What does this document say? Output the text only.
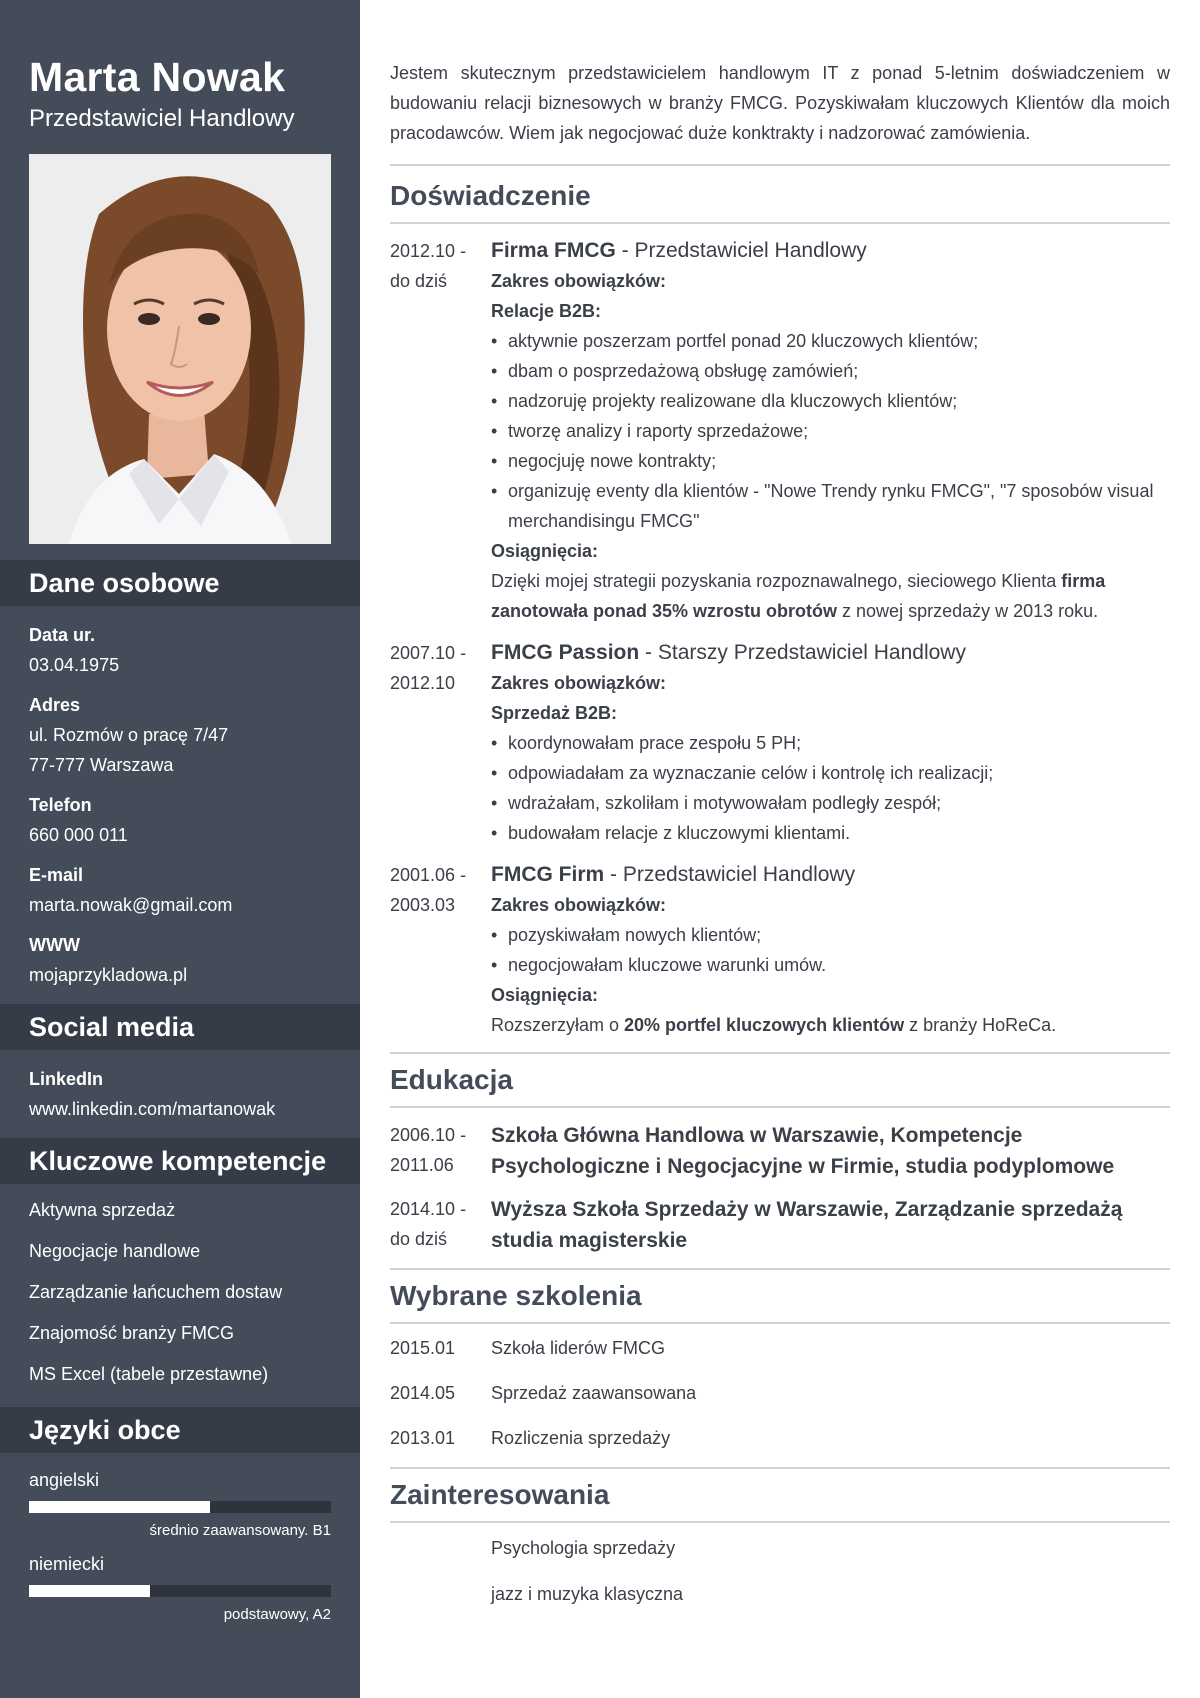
Marta Nowak
Przedstawiciel Handlowy
Dane osobowe
Data ur.
03.04.1975
Adres
ul. Rozmów o pracę 7/47
77-777 Warszawa
Telefon
660 000 011
E-mail
marta.nowak@gmail.com
WWW
mojaprzykladowa.pl
Social media
LinkedIn
www.linkedin.com/martanowak
Kluczowe kompetencje
Aktywna sprzedaż
Negocjacje handlowe
Zarządzanie łańcuchem dostaw
Znajomość branży FMCG
MS Excel (tabele przestawne)
Języki obce
angielski
średnio zaawansowany. B1
niemiecki
podstawowy, A2

Jestem skutecznym przedstawicielem handlowym IT z ponad 5-letnim doświadczeniem w budowaniu relacji biznesowych w branży FMCG. Pozyskiwałam kluczowych Klientów dla moich pracodawców. Wiem jak negocjować duże konktrakty i nadzorować zamówienia.

Doświadczenie
2012.10 -
do dziś
Firma FMCG - Przedstawiciel Handlowy
Zakres obowiązków:
Relacje B2B:
• aktywnie poszerzam portfel ponad 20 kluczowych klientów;
• dbam o posprzedażową obsługę zamówień;
• nadzoruję projekty realizowane dla kluczowych klientów;
• tworzę analizy i raporty sprzedażowe;
• negocjuję nowe kontrakty;
• organizuję eventy dla klientów - "Nowe Trendy rynku FMCG", "7 sposobów visual merchandisingu FMCG"
Osiągnięcia:
Dzięki mojej strategii pozyskania rozpoznawalnego, sieciowego Klienta firma zanotowała ponad 35% wzrostu obrotów z nowej sprzedaży w 2013 roku.
2007.10 -
2012.10
FMCG Passion - Starszy Przedstawiciel Handlowy
Zakres obowiązków:
Sprzedaż B2B:
• koordynowałam prace zespołu 5 PH;
• odpowiadałam za wyznaczanie celów i kontrolę ich realizacji;
• wdrażałam, szkoliłam i motywowałam podległy zespół;
• budowałam relacje z kluczowymi klientami.
2001.06 -
2003.03
FMCG Firm - Przedstawiciel Handlowy
Zakres obowiązków:
• pozyskiwałam nowych klientów;
• negocjowałam kluczowe warunki umów.
Osiągnięcia:
Rozszerzyłam o 20% portfel kluczowych klientów z branży HoReCa.
Edukacja
2006.10 -
2011.06
Szkoła Główna Handlowa w Warszawie, Kompetencje Psychologiczne i Negocjacyjne w Firmie, studia podyplomowe
2014.10 -
do dziś
Wyższa Szkoła Sprzedaży w Warszawie, Zarządzanie sprzedażą studia magisterskie
Wybrane szkolenia
2015.01	Szkoła liderów FMCG
2014.05	Sprzedaż zaawansowana
2013.01	Rozliczenia sprzedaży
Zainteresowania
Psychologia sprzedaży
jazz i muzyka klasyczna
